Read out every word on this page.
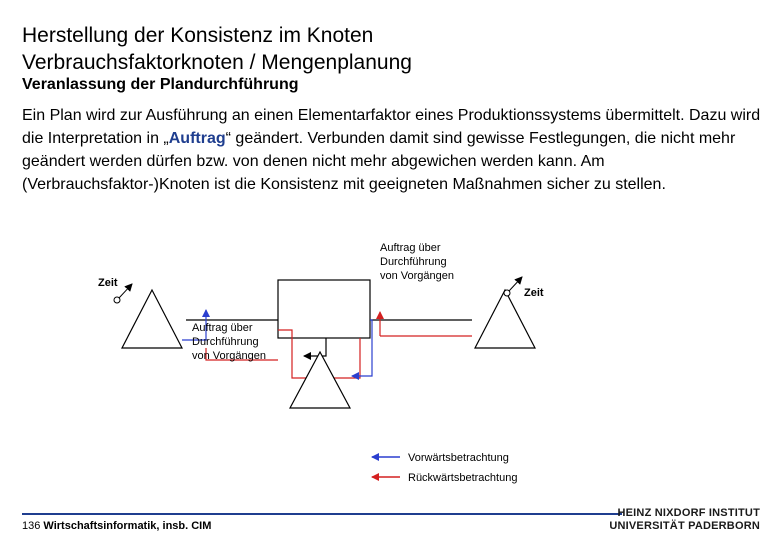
Herstellung der Konsistenz im Knoten
Verbrauchsfaktorknoten / Mengenplanung
Veranlassung der Plandurchführung

Ein Plan wird zur Ausführung an einen Elementarfaktor eines Produktionssystems übermittelt. Dazu wird die Interpretation in „Auftrag“ geändert. Verbunden damit sind gewisse Festlegungen, die nicht mehr geändert werden dürfen bzw. von denen nicht mehr abgewichen werden kann. Am (Verbrauchsfaktor-)Knoten ist die Konsistenz mit geeigneten Maßnahmen sicher zu stellen.

Zeit
Zeit
Auftrag über
Durchführung
von Vorgängen
Auftrag über
Durchführung
von Vorgängen
Vorwärtsbetrachtung
Rückwärtsbetrachtung
136 Wirtschaftsinformatik, insb. CIM
HEINZ NIXDORF INSTITUT
UNIVERSITÄT PADERBORN
